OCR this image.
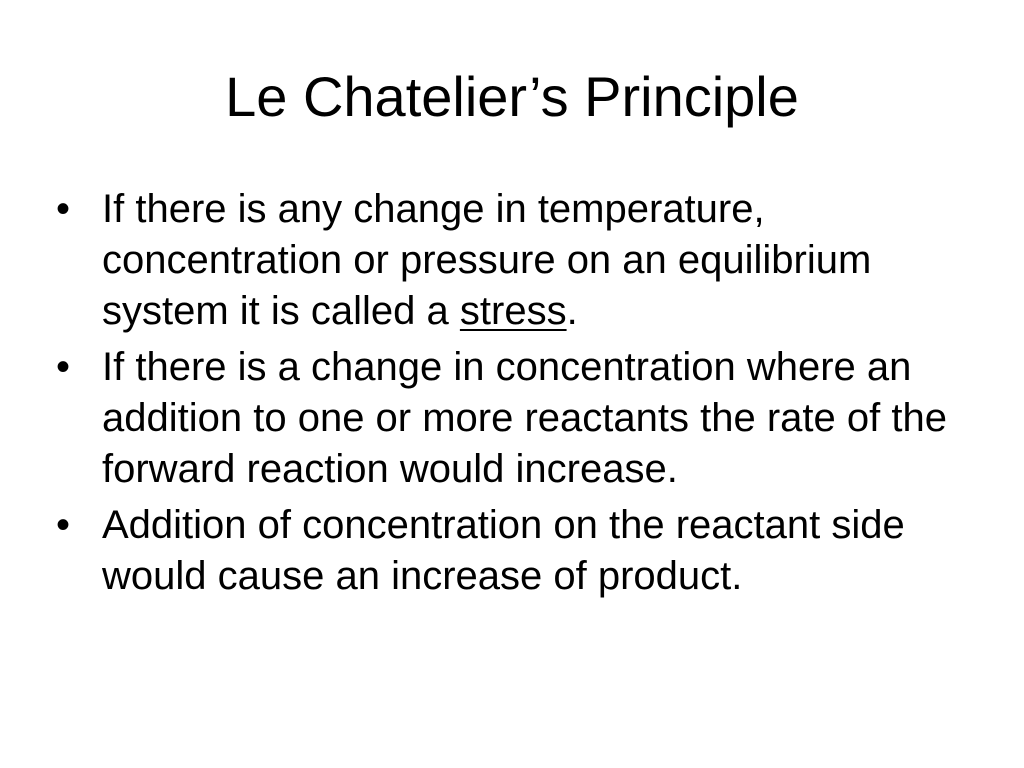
Le Chatelier’s Principle
• If there is any change in temperature, concentration or pressure on an equilibrium system it is called a stress.
• If there is a change in concentration where an addition to one or more reactants the rate of the forward reaction would increase.
• Addition of concentration on the reactant side would cause an increase of product.
